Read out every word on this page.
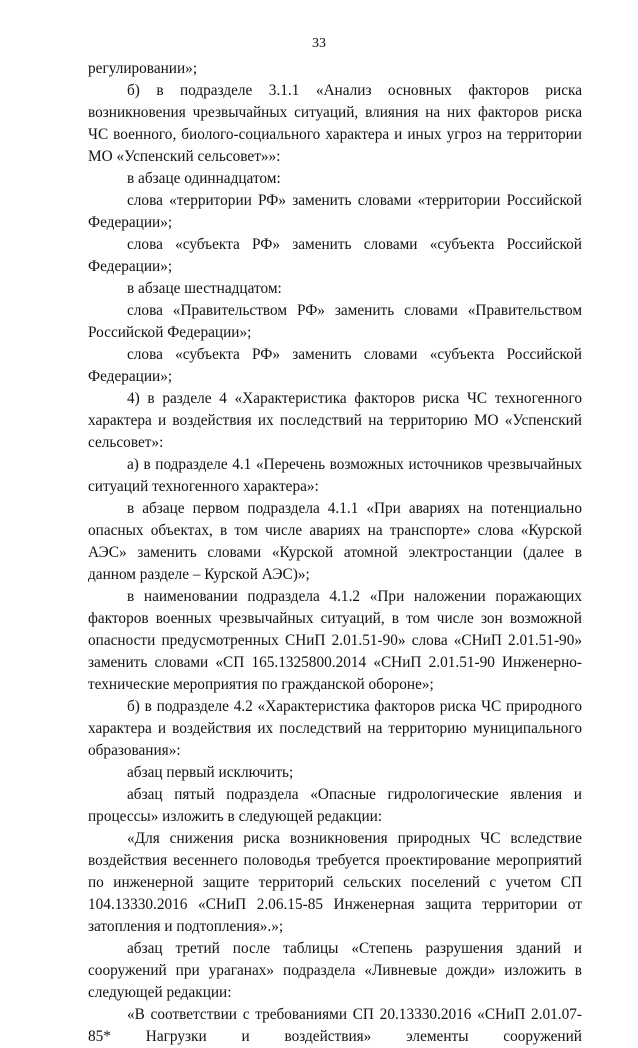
33

регулировании»;

б) в подразделе 3.1.1 «Анализ основных факторов риска возникновения чрезвычайных ситуаций, влияния на них факторов риска ЧС военного, биолого-социального характера и иных угроз на территории МО «Успенский сельсовет»»:

в абзаце одиннадцатом:

слова «территории РФ» заменить словами «территории Российской Федерации»;

слова «субъекта РФ» заменить словами «субъекта Российской Федерации»;

в абзаце шестнадцатом:

слова «Правительством РФ» заменить словами «Правительством Российской Федерации»;

слова «субъекта РФ» заменить словами «субъекта Российской Федерации»;

4) в разделе 4 «Характеристика факторов риска ЧС техногенного характера и воздействия их последствий на территорию МО «Успенский сельсовет»:

а) в подразделе 4.1 «Перечень возможных источников чрезвычайных ситуаций техногенного характера»:

в абзаце первом подраздела 4.1.1 «При авариях на потенциально опасных объектах, в том числе авариях на транспорте» слова «Курской АЭС» заменить словами «Курской атомной электростанции (далее в данном разделе – Курской АЭС)»;

в наименовании подраздела 4.1.2 «При наложении поражающих факторов военных чрезвычайных ситуаций, в том числе зон возможной опасности предусмотренных СНиП 2.01.51-90» слова «СНиП 2.01.51-90» заменить словами «СП 165.1325800.2014 «СНиП 2.01.51-90 Инженерно-технические мероприятия по гражданской обороне»;

б) в подразделе 4.2 «Характеристика факторов риска ЧС природного характера и воздействия их последствий на территорию муниципального образования»:

абзац первый исключить;

абзац пятый подраздела «Опасные гидрологические явления и процессы» изложить в следующей редакции:

«Для снижения риска возникновения природных ЧС вследствие воздействия весеннего половодья требуется проектирование мероприятий по инженерной защите территорий сельских поселений с учетом СП 104.13330.2016 «СНиП 2.06.15-85 Инженерная защита территории от затопления и подтопления».»;

абзац третий после таблицы «Степень разрушения зданий и сооружений при ураганах» подраздела «Ливневые дожди» изложить в следующей редакции:

«В соответствии с требованиями СП 20.13330.2016 «СНиП 2.01.07-85* Нагрузки и воздействия» элементы сооружений
